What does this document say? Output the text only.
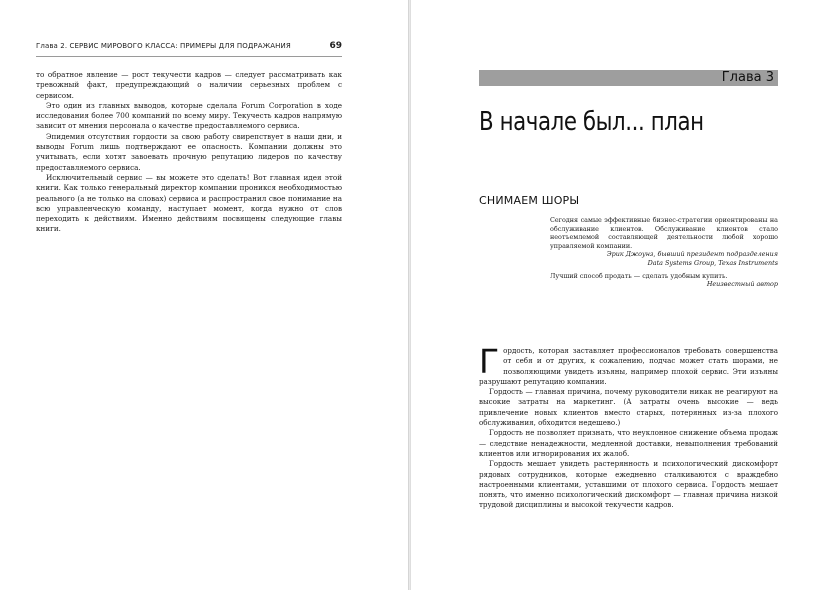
Глава 2. СЕРВИС МИРОВОГО КЛАССА: ПРИМЕРЫ ДЛЯ ПОДРАЖАНИЯ	69

то обратное явление — рост текучести кадров — следует рассматривать как тревожный факт, предупреждающий о наличии серьезных проблем с сервисом.

Это один из главных выводов, которые сделала Forum Corporation в ходе исследования более 700 компаний по всему миру. Текучесть кадров напрямую зависит от мнения персонала о качестве предоставляемого сервиса.

Эпидемия отсутствия гордости за свою работу свирепствует в наши дни, и выводы Forum лишь подтверждают ее опасность. Компании должны это учитывать, если хотят завоевать прочную репутацию лидеров по качеству предоставляемого сервиса.

Исключительный сервис — вы можете это сделать! Вот главная идея этой книги. Как только генеральный директор компании проникся необходимостью реального (а не только на словах) сервиса и распространил свое понимание на всю управленческую команду, наступает момент, когда нужно от слов переходить к действиям. Именно действиям посвящены следующие главы книги.

Глава 3
В начале был... план
СНИМАЕМ ШОРЫ

Сегодня самые эффективные бизнес-стратегии ориентированы на обслуживание клиентов. Обслуживание клиентов стало неотъемлемой составляющей деятельности любой хорошо управляемой компании.

Эрик Джоунз, бывший президент подразделения

Data Systems Group, Texas Instruments

Лучший способ продать — сделать удобным купить.

Неизвестный автор

Гордость, которая заставляет профессионалов требовать совершенства от себя и от других, к сожалению, подчас может стать шорами, не позволяющими увидеть изъяны, например плохой сервис. Эти изъяны разрушают репутацию компании.

Гордость — главная причина, почему руководители никак не реагируют на высокие затраты на маркетинг. (А затраты очень высокие — ведь привлечение новых клиентов вместо старых, потерянных из-за плохого обслуживания, обходится недешево.)

Гордость не позволяет признать, что неуклонное снижение объема продаж — следствие ненадежности, медленной доставки, невыполнения требований клиентов или игнорирования их жалоб.

Гордость мешает увидеть растерянность и психологический дискомфорт рядовых сотрудников, которые ежедневно сталкиваются с враждебно настроенными клиентами, уставшими от плохого сервиса. Гордость мешает понять, что именно психологический дискомфорт — главная причина низкой трудовой дисциплины и высокой текучести кадров.
